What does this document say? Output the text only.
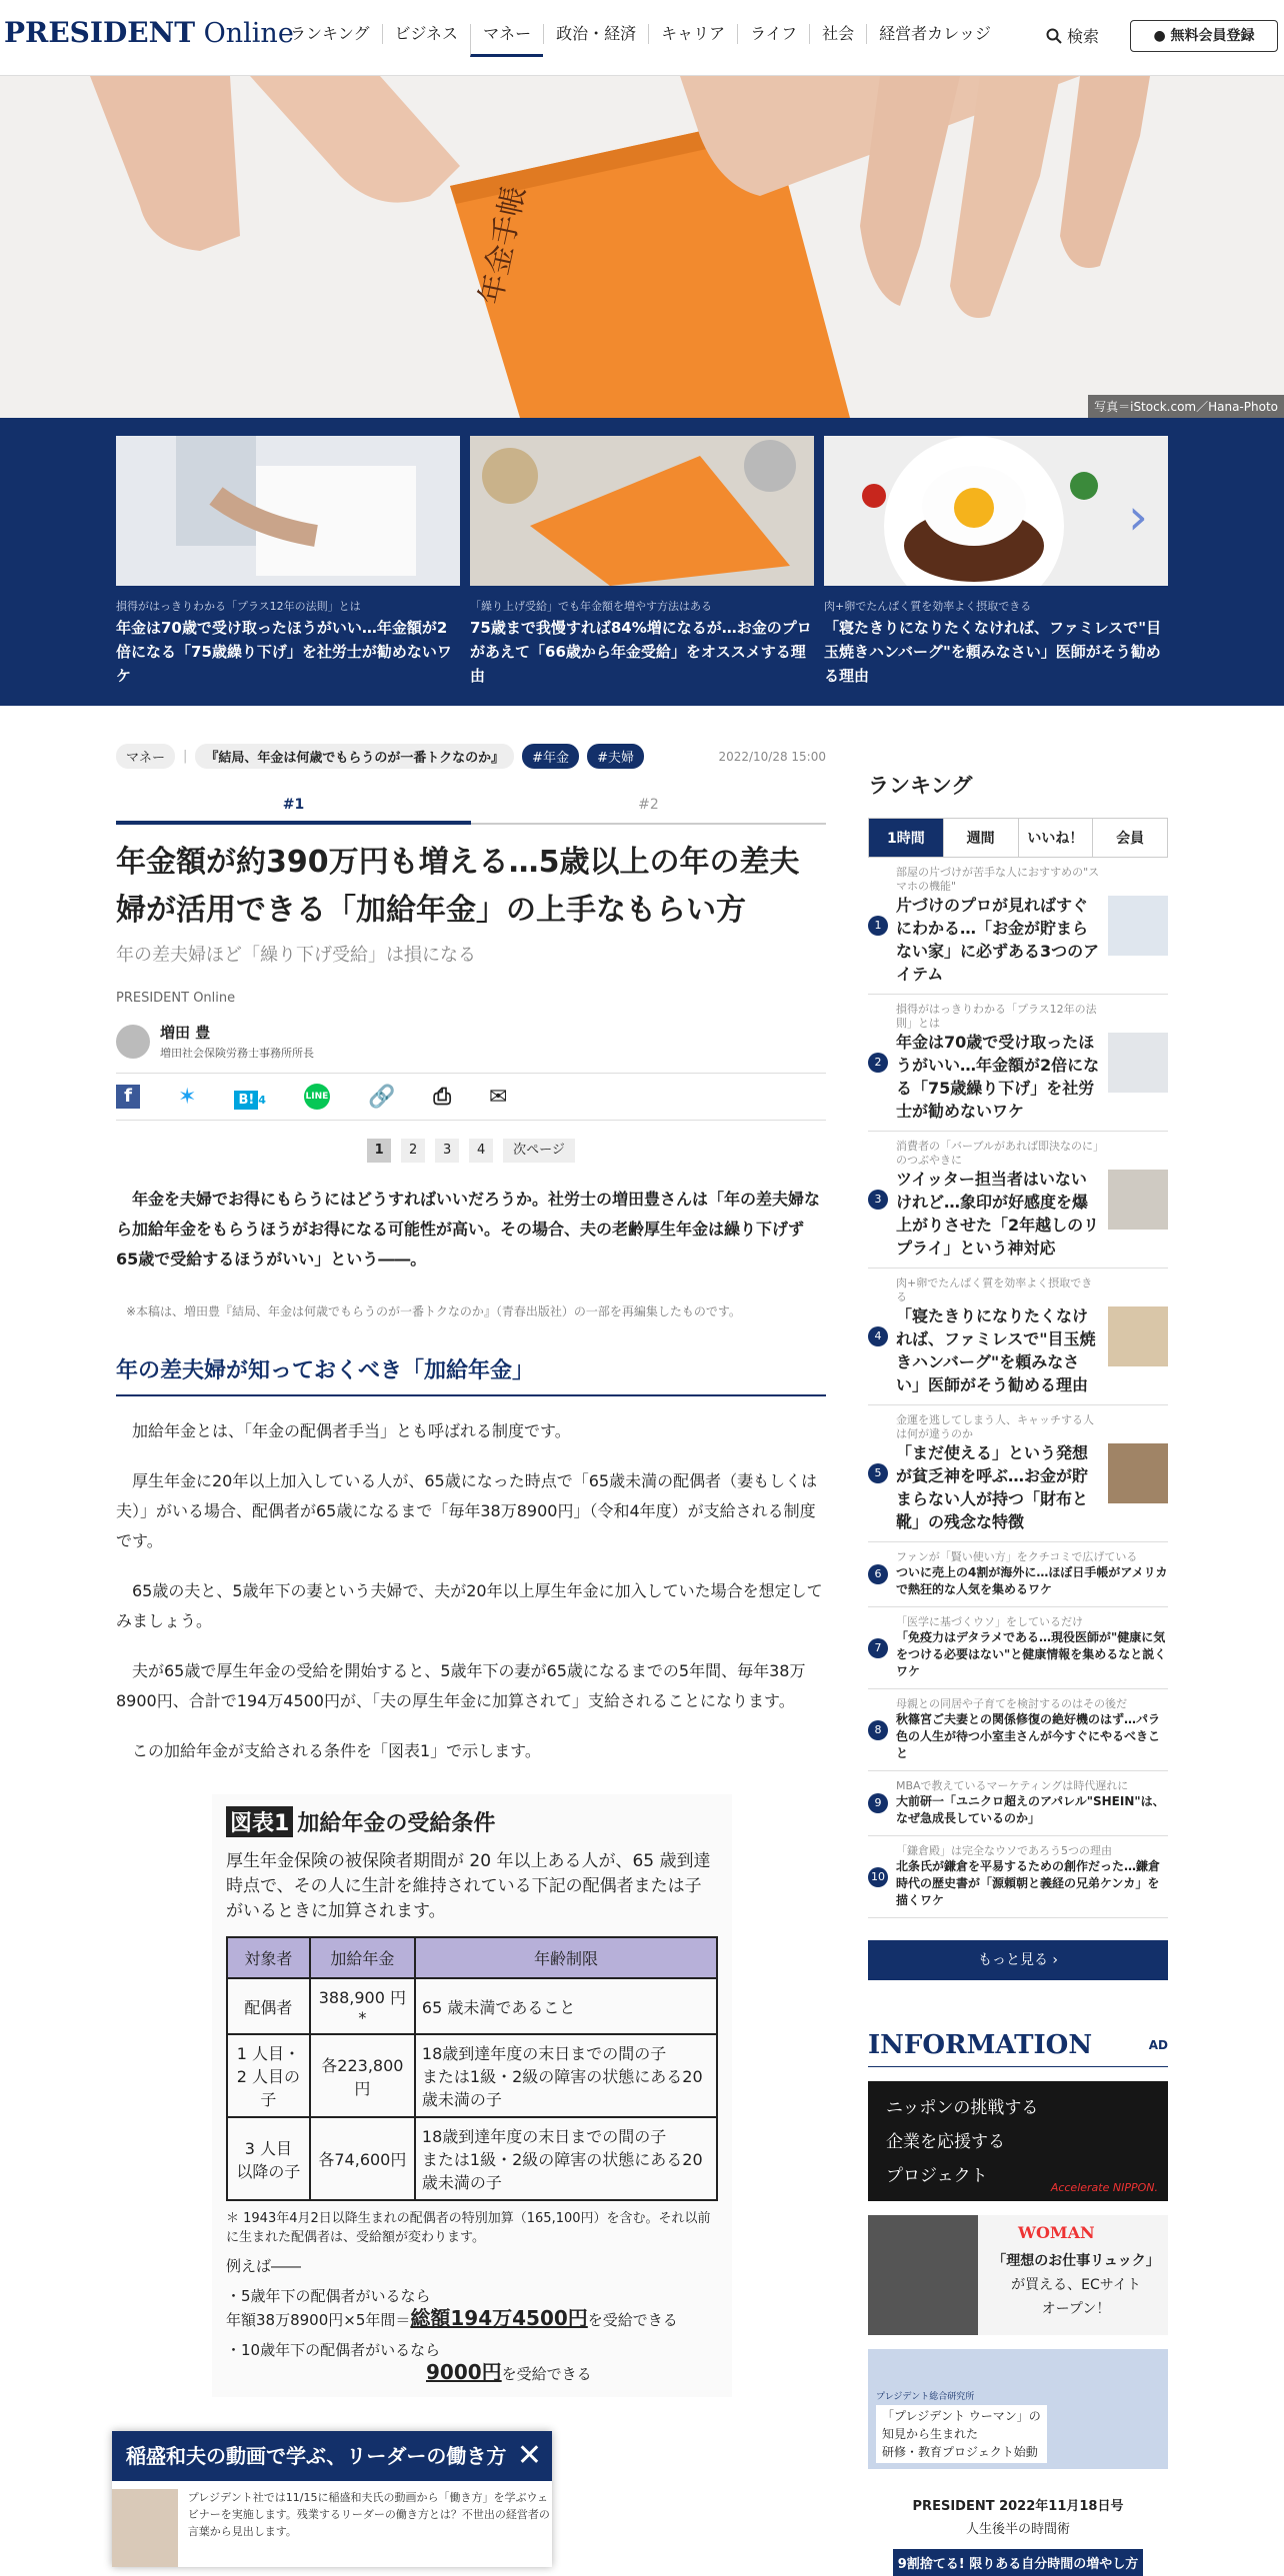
PRESIDENT Online
ランキング	ビジネス	マネー	政治・経済	キャリア	ライフ	社会	経営者カレッジ	検索	● 無料会員登録
年金手帳
写真＝iStock.com／Hana-Photo
損得がはっきりわかる「プラス12年の法則」とは
年金は70歳で受け取ったほうがいい…年金額が2倍になる「75歳繰り下げ」を社労士が勧めないワケ
「繰り上げ受給」でも年金額を増やす方法はある
75歳まで我慢すれば84%増になるが…お金のプロがあえて「66歳から年金受給」をオススメする理由
肉+卵でたんぱく質を効率よく摂取できる
「寝たきりになりたくなければ、ファミレスで"目玉焼きハンバーグ"を頼みなさい」医師がそう勧める理由
›
マネー	|	『結局、年金は何歳でもらうのが一番トクなのか』	#年金	#夫婦	2022/10/28 15:00
#1	#2
年金額が約390万円も増える…5歳以上の年の差夫婦が活用できる「加給年金」の上手なもらい方
年の差夫婦ほど「繰り下げ受給」は損になる
PRESIDENT Online
増田 豊
増田社会保険労務士事務所所長
f	✶	B! 4	LINE 🔗 ⎙ ✉
1	2	3	4	次ページ

年金を夫婦でお得にもらうにはどうすればいいだろうか。社労士の増田豊さんは「年の差夫婦なら加給年金をもらうほうがお得になる可能性が高い。その場合、夫の老齢厚生年金は繰り下げず65歳で受給するほうがいい」という――。

※本稿は、増田豊『結局、年金は何歳でもらうのが一番トクなのか』（青春出版社）の一部を再編集したものです。

年の差夫婦が知っておくべき「加給年金」

加給年金とは、「年金の配偶者手当」とも呼ばれる制度です。

厚生年金に20年以上加入している人が、65歳になった時点で「65歳未満の配偶者（妻もしくは夫）」がいる場合、配偶者が65歳になるまで「毎年38万8900円」（令和4年度）が支給される制度です。

65歳の夫と、5歳年下の妻という夫婦で、夫が20年以上厚生年金に加入していた場合を想定してみましょう。

夫が65歳で厚生年金の受給を開始すると、5歳年下の妻が65歳になるまでの5年間、毎年38万8900円、合計で194万4500円が、「夫の厚生年金に加算されて」支給されることになります。

この加給年金が支給される条件を「図表1」で示します。

図表1 加給年金の受給条件
厚生年金保険の被保険者期間が 20 年以上ある人が、65 歳到達時点で、その人に生計を維持されている下記の配偶者または子がいるときに加算されます。
対象者	加給年金	年齢制限
配偶者	388,900 円*	65 歳未満であること
1 人目・
2 人目の子	各223,800円	18歳到達年度の末日までの間の子
または1級・2級の障害の状態にある20歳未満の子
3 人目
以降の子	各74,600円	18歳到達年度の末日までの間の子
または1級・2級の障害の状態にある20歳未満の子
＊ 1943年4月2日以降生まれの配偶者の特別加算（165,100円）を含む。それ以前に生まれた配偶者は、受給額が変わります。
例えば――
・5歳年下の配偶者がいるなら
年額38万8900円×5年間＝総額194万4500円を受給できる
・10歳年下の配偶者がいるなら
9000円を受給できる
ランキング
1時間	週間	いいね！	会員
1
部屋の片づけが苦手な人におすすめの"スマホの機能"
片づけのプロが見ればすぐにわかる…「お金が貯まらない家」に必ずある3つのアイテム
2
損得がはっきりわかる「プラス12年の法則」とは
年金は70歳で受け取ったほうがいい…年金額が2倍になる「75歳繰り下げ」を社労士が勧めないワケ
3
消費者の「バーブルがあれば即決なのに」のつぶやきに
ツイッター担当者はいないけれど…象印が好感度を爆上がりさせた「2年越しのリプライ」という神対応
4
肉+卵でたんぱく質を効率よく摂取できる
「寝たきりになりたくなければ、ファミレスで"目玉焼きハンバーグ"を頼みなさい」医師がそう勧める理由
5
金運を逃してしまう人、キャッチする人は何が違うのか
「まだ使える」という発想が貧乏神を呼ぶ…お金が貯まらない人が持つ「財布と靴」の残念な特徴
6
ファンが「賢い使い方」をクチコミで広げている
ついに売上の4割が海外に…ほぼ日手帳がアメリカで熱狂的な人気を集めるワケ
7
「医学に基づくウソ」をしているだけ
「免疫力はデタラメである…現役医師が"健康に気をつける必要はない"と健康情報を集めるなと説くワケ
8
母親との同居や子育てを検討するのはその後だ
秋篠宮ご夫妻との関係修復の絶好機のはず…パラ色の人生が待つ小室圭さんが今すぐにやるべきこと
9
MBAで教えているマーケティングは時代遅れに
大前研一「ユニクロ超えのアパレル"SHEIN"は、なぜ急成長しているのか」
10
「鎌倉殿」は完全なウソであろう5つの理由
北条氏が鎌倉を平易するための創作だった…鎌倉時代の歴史書が「源頼朝と義経の兄弟ケンカ」を描くワケ
もっと見る ›
INFORMATION	AD
ニッポンの挑戦する
企業を応援する
プロジェクト
Accelerate NIPPON.
WOMAN
「理想のお仕事リュック」
が買える、ECサイト
オープン！
プレジデント総合研究所
「プレジデント ウーマン」の
知見から生まれた
研修・教育プロジェクト始動
PRESIDENT 2022年11月18日号
人生後半の時間術
9割捨てる! 限りある自分時間の増やし方
稲盛和夫の動画で学ぶ、リーダーの働き方 ✕
プレジデント社では11/15に稲盛和夫氏の動画から「働き方」を学ぶウェビナーを実施します。残業するリーダーの働き方とは？不世出の経営者の言葉から見出します。
